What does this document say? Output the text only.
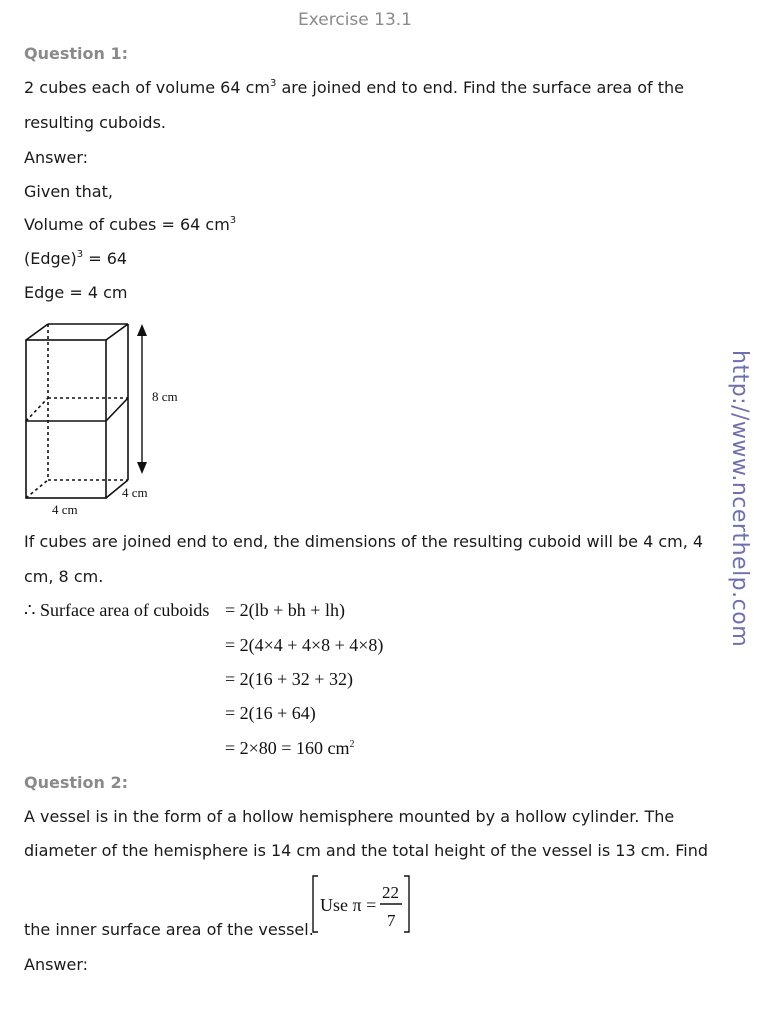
Exercise 13.1
http://www.ncerthelp.com
Question 1:
2 cubes each of volume 64 $cm^3$ are joined end to end. Find the surface area of the
resulting cuboids.
Answer:
Given that,
Volume of cubes = 64 $cm^3$
(Edge)$^3$ = 64
Edge = 4 cm
8 cm
4 cm
4 cm
If cubes are joined end to end, the dimensions of the resulting cuboid will be 4 cm, 4
cm, 8 cm.
∴ Surface area of cuboids = 2(lb + bh + lh)
= 2(4×4 + 4×8 + 4×8)
= 2(16 + 32 + 32)
= 2(16 + 64)
= 2×80 = 160 $cm^2$
Question 2:
A vessel is in the form of a hollow hemisphere mounted by a hollow cylinder. The
diameter of the hemisphere is 14 cm and the total height of the vessel is 13 cm. Find
the inner surface area of the vessel.
Use π =
22
7
Answer:
